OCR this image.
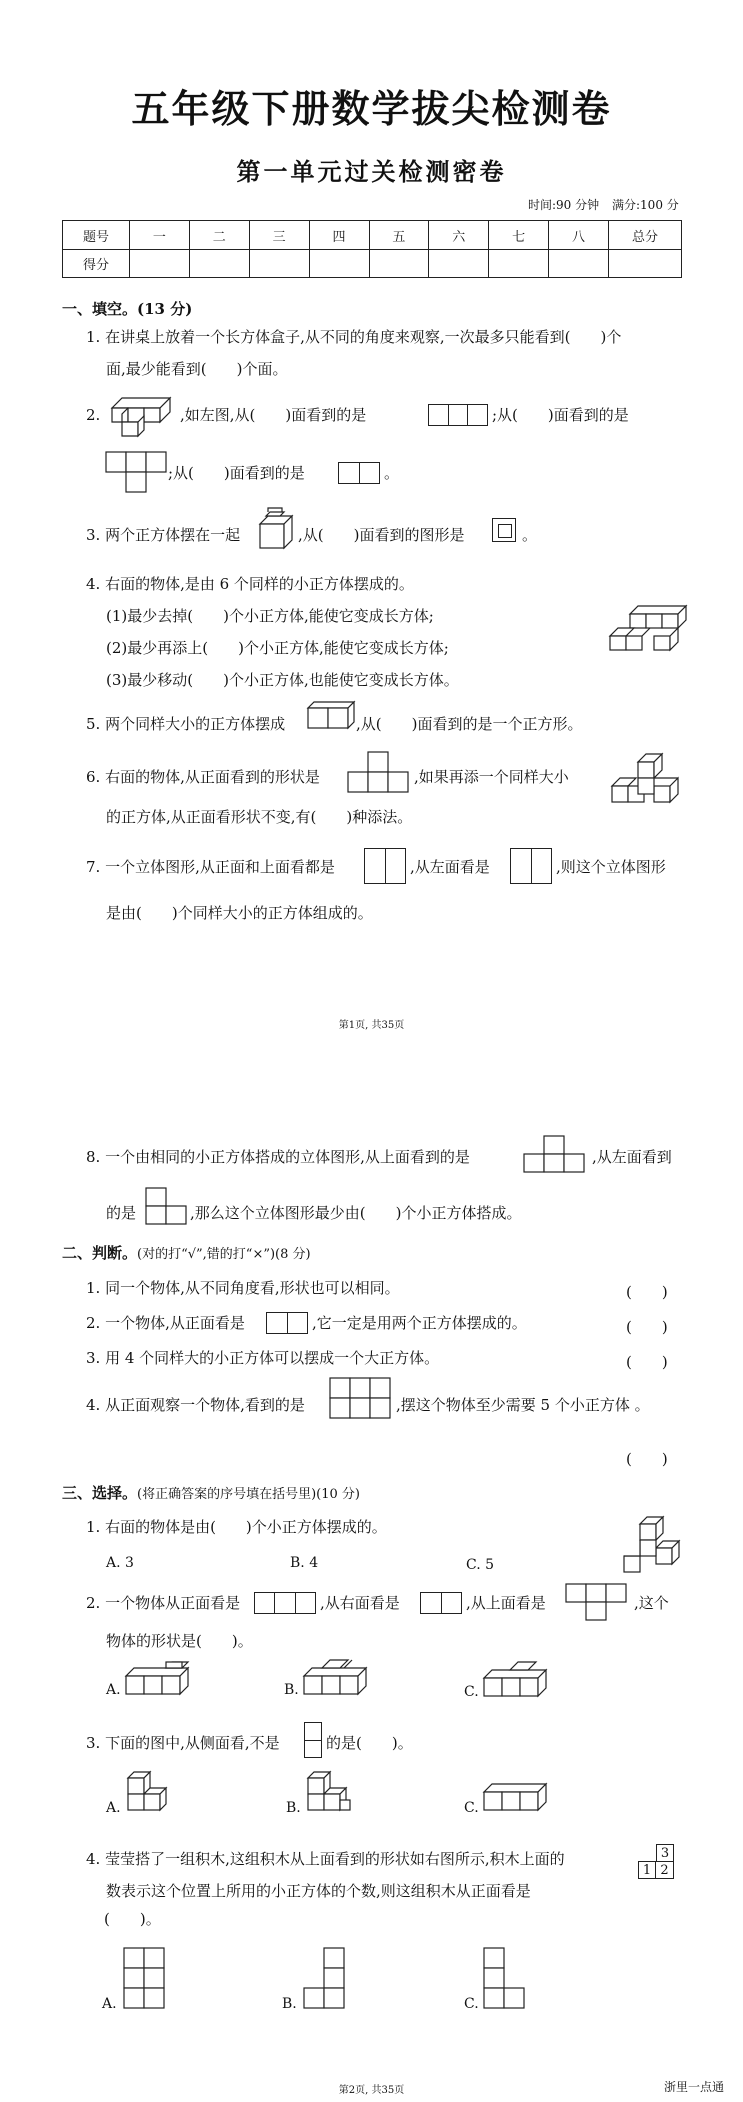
五年级下册数学拔尖检测卷
第一单元过关检测密卷
时间:90 分钟 满分:100 分
题号	一	二	三	四	五	六	七	八	总分
得分									
一、填空。(13 分)
1. 在讲桌上放着一个长方体盒子,从不同的角度来观察,一次最多只能看到(　　)个
面,最少能看到(　　)个面。
2.	,如左图,从(　　)面看到的是	;从(　　)面看到的是
;从(　　)面看到的是	。
3. 两个正方体摆在一起	,从(　　)面看到的图形是	。
4. 右面的物体,是由 6 个同样的小正方体摆成的。
(1)最少去掉(　　)个小正方体,能使它变成长方体;
(2)最少再添上(　　)个小正方体,能使它变成长方体;
(3)最少移动(　　)个小正方体,也能使它变成长方体。
5. 两个同样大小的正方体摆成	,从(　　)面看到的是一个正方形。
6. 右面的物体,从正面看到的形状是	,如果再添一个同样大小
的正方体,从正面看形状不变,有(　　)种添法。
7. 一个立体图形,从正面和上面看都是	,从左面看是	,则这个立体图形
是由(　　)个同样大小的正方体组成的。
第1页, 共35页
8. 一个由相同的小正方体搭成的立体图形,从上面看到的是	,从左面看到
的是	,那么这个立体图形最少由(　　)个小正方体搭成。
二、判断。(对的打“√”,错的打“×”)(8 分)
1. 同一个物体,从不同角度看,形状也可以相同。	(　　)
2. 一个物体,从正面看是	,它一定是用两个正方体摆成的。	(　　)
3. 用 4 个同样大的小正方体可以摆成一个大正方体。	(　　)
4. 从正面观察一个物体,看到的是	,摆这个物体至少需要 5 个小正方体 。
(　　)
三、选择。(将正确答案的序号填在括号里)(10 分)
1. 右面的物体是由(　　)个小正方体摆成的。
A. 3	B. 4	C. 5
2. 一个物体从正面看是	,从右面看是	,从上面看是	,这个
物体的形状是(　　)。
A.	B.	C.
3. 下面的图中,从侧面看,不是	的是(　　)。
A.	B.	C.
4. 莹莹搭了一组积木,这组积木从上面看到的形状如右图所示,积木上面的
数表示这个位置上所用的小正方体的个数,则这组积木从正面看是
(　　)。
3
1 2
A.	B.	C.
第2页, 共35页	浙里一点通
